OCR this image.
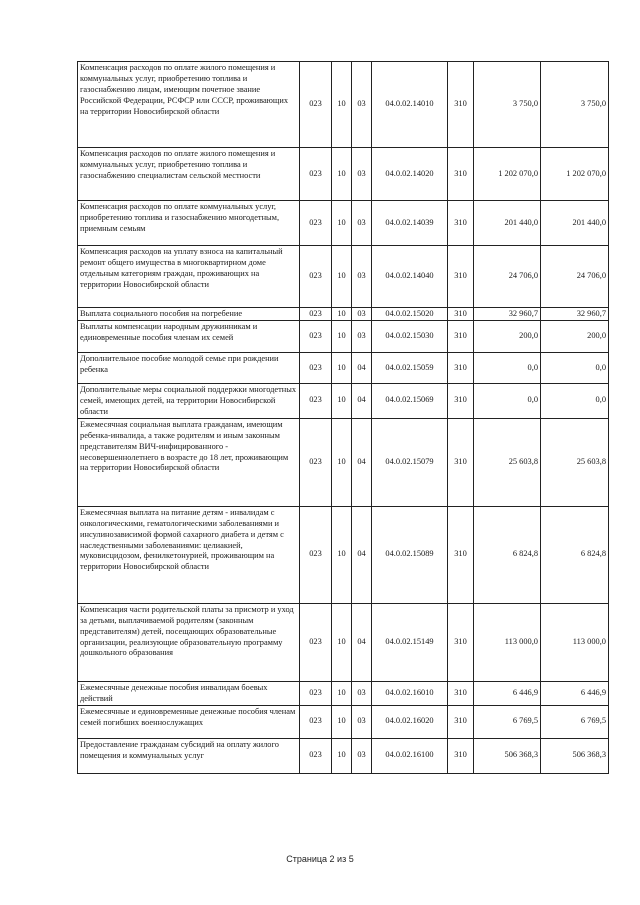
Компенсация расходов по оплате жилого помещения и коммунальных услуг, приобретению топлива и газоснабжению лицам, имеющим почетное звание Российской Федерации, РСФСР или СССР, проживающих на территории Новосибирской области	023	10	03	04.0.02.14010	310	3 750,0	3 750,0
Компенсация расходов по оплате жилого помещения и коммунальных услуг, приобретению топлива и газоснабжению специалистам сельской местности	023	10	03	04.0.02.14020	310	1 202 070,0	1 202 070,0
Компенсация расходов по оплате коммунальных услуг, приобретению топлива и газоснабжению многодетным, приемным семьям	023	10	03	04.0.02.14039	310	201 440,0	201 440,0
Компенсация расходов на уплату взноса на капитальный ремонт общего имущества в многоквартирном доме отдельным категориям граждан, проживающих на территории Новосибирской области	023	10	03	04.0.02.14040	310	24 706,0	24 706,0
Выплата социального пособия на погребение	023	10	03	04.0.02.15020	310	32 960,7	32 960,7
Выплаты компенсации народным дружинникам и единовременные пособия членам их семей	023	10	03	04.0.02.15030	310	200,0	200,0
Дополнительное пособие молодой семье при рождении ребенка	023	10	04	04.0.02.15059	310	0,0	0,0
Дополнительные меры социальной поддержки многодетных семей, имеющих детей, на территории Новосибирской области	023	10	04	04.0.02.15069	310	0,0	0,0
Ежемесячная социальная выплата гражданам, имеющим ребенка-инвалида, а также родителям и иным законным представителям ВИЧ-инфицированного - несовершеннолетнего в возрасте до 18 лет, проживающим на территории Новосибирской области	023	10	04	04.0.02.15079	310	25 603,8	25 603,8
Ежемесячная выплата на питание детям - инвалидам с онкологическими, гематологическими заболеваниями и инсулинозависимой формой сахарного диабета и детям с наследственными заболеваниями: целиакией, муковисцидозом, фенилкетонурией, проживающим на территории Новосибирской области	023	10	04	04.0.02.15089	310	6 824,8	6 824,8
Компенсация части родительской платы за присмотр и уход за детьми, выплачиваемой родителям (законным представителям) детей, посещающих образовательные организации, реализующие образовательную программу дошкольного образования	023	10	04	04.0.02.15149	310	113 000,0	113 000,0
Ежемесячные денежные пособия инвалидам боевых действий	023	10	03	04.0.02.16010	310	6 446,9	6 446,9
Ежемесячные и единовременные денежные пособия членам семей погибших военнослужащих	023	10	03	04.0.02.16020	310	6 769,5	6 769,5
Предоставление гражданам субсидий на оплату жилого помещения и коммунальных услуг	023	10	03	04.0.02.16100	310	506 368,3	506 368,3
Страница 2 из 5
